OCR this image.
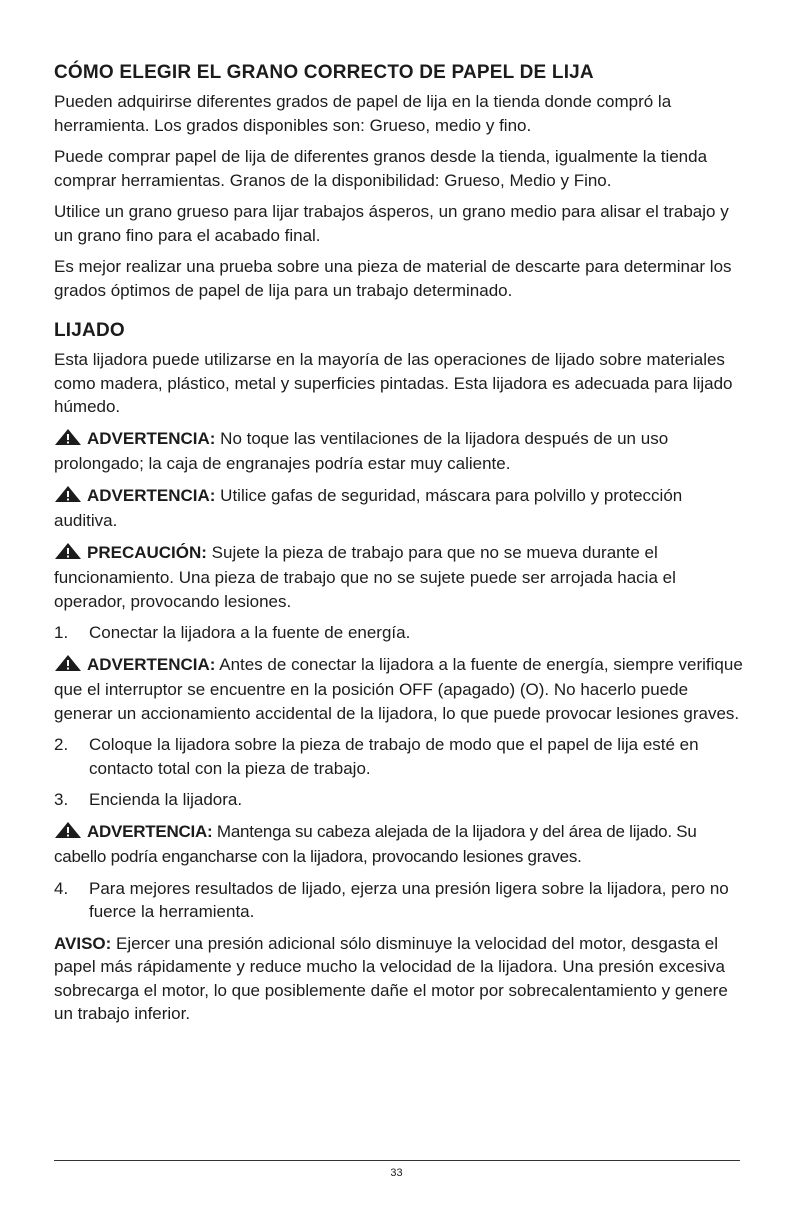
CÓMO ELEGIR EL GRANO CORRECTO DE PAPEL DE LIJA

Pueden adquirirse diferentes grados de papel de lija en la tienda donde compró la herramienta. Los grados disponibles son: Grueso, medio y fino.

Puede comprar papel de lija de diferentes granos desde la tienda, igualmente la tienda comprar herramientas. Granos de la disponibilidad: Grueso, Medio y Fino.

Utilice un grano grueso para lijar trabajos ásperos, un grano medio para alisar el trabajo y un grano fino para el acabado final.

Es mejor realizar una prueba sobre una pieza de material de descarte para determinar los grados óptimos de papel de lija para un trabajo determinado.

LIJADO

Esta lijadora puede utilizarse en la mayoría de las operaciones de lijado sobre materiales como madera, plástico, metal y superficies pintadas. Esta lijadora es adecuada para lijado húmedo.

ADVERTENCIA: No toque las ventilaciones de la lijadora después de un uso prolongado; la caja de engranajes podría estar muy caliente.

ADVERTENCIA: Utilice gafas de seguridad, máscara para polvillo y protección auditiva.

PRECAUCIÓN: Sujete la pieza de trabajo para que no se mueva durante el funcionamiento. Una pieza de trabajo que no se sujete puede ser arrojada hacia el operador, provocando lesiones.

1.	Conectar la lijadora a la fuente de energía.

ADVERTENCIA: Antes de conectar la lijadora a la fuente de energía, siempre verifique que el interruptor se encuentre en la posición OFF (apagado) (O). No hacerlo puede generar un accionamiento accidental de la lijadora, lo que puede provocar lesiones graves.

2.	Coloque la lijadora sobre la pieza de trabajo de modo que el papel de lija esté en contacto total con la pieza de trabajo.
3.	Encienda la lijadora.

ADVERTENCIA: Mantenga su cabeza alejada de la lijadora y del área de lijado. Su cabello podría engancharse con la lijadora, provocando lesiones graves.

4.	Para mejores resultados de lijado, ejerza una presión ligera sobre la lijadora, pero no fuerce la herramienta.

AVISO: Ejercer una presión adicional sólo disminuye la velocidad del motor, desgasta el papel más rápidamente y reduce mucho la velocidad de la lijadora. Una presión excesiva sobrecarga el motor, lo que posiblemente dañe el motor por sobrecalentamiento y genere un trabajo inferior.

33
